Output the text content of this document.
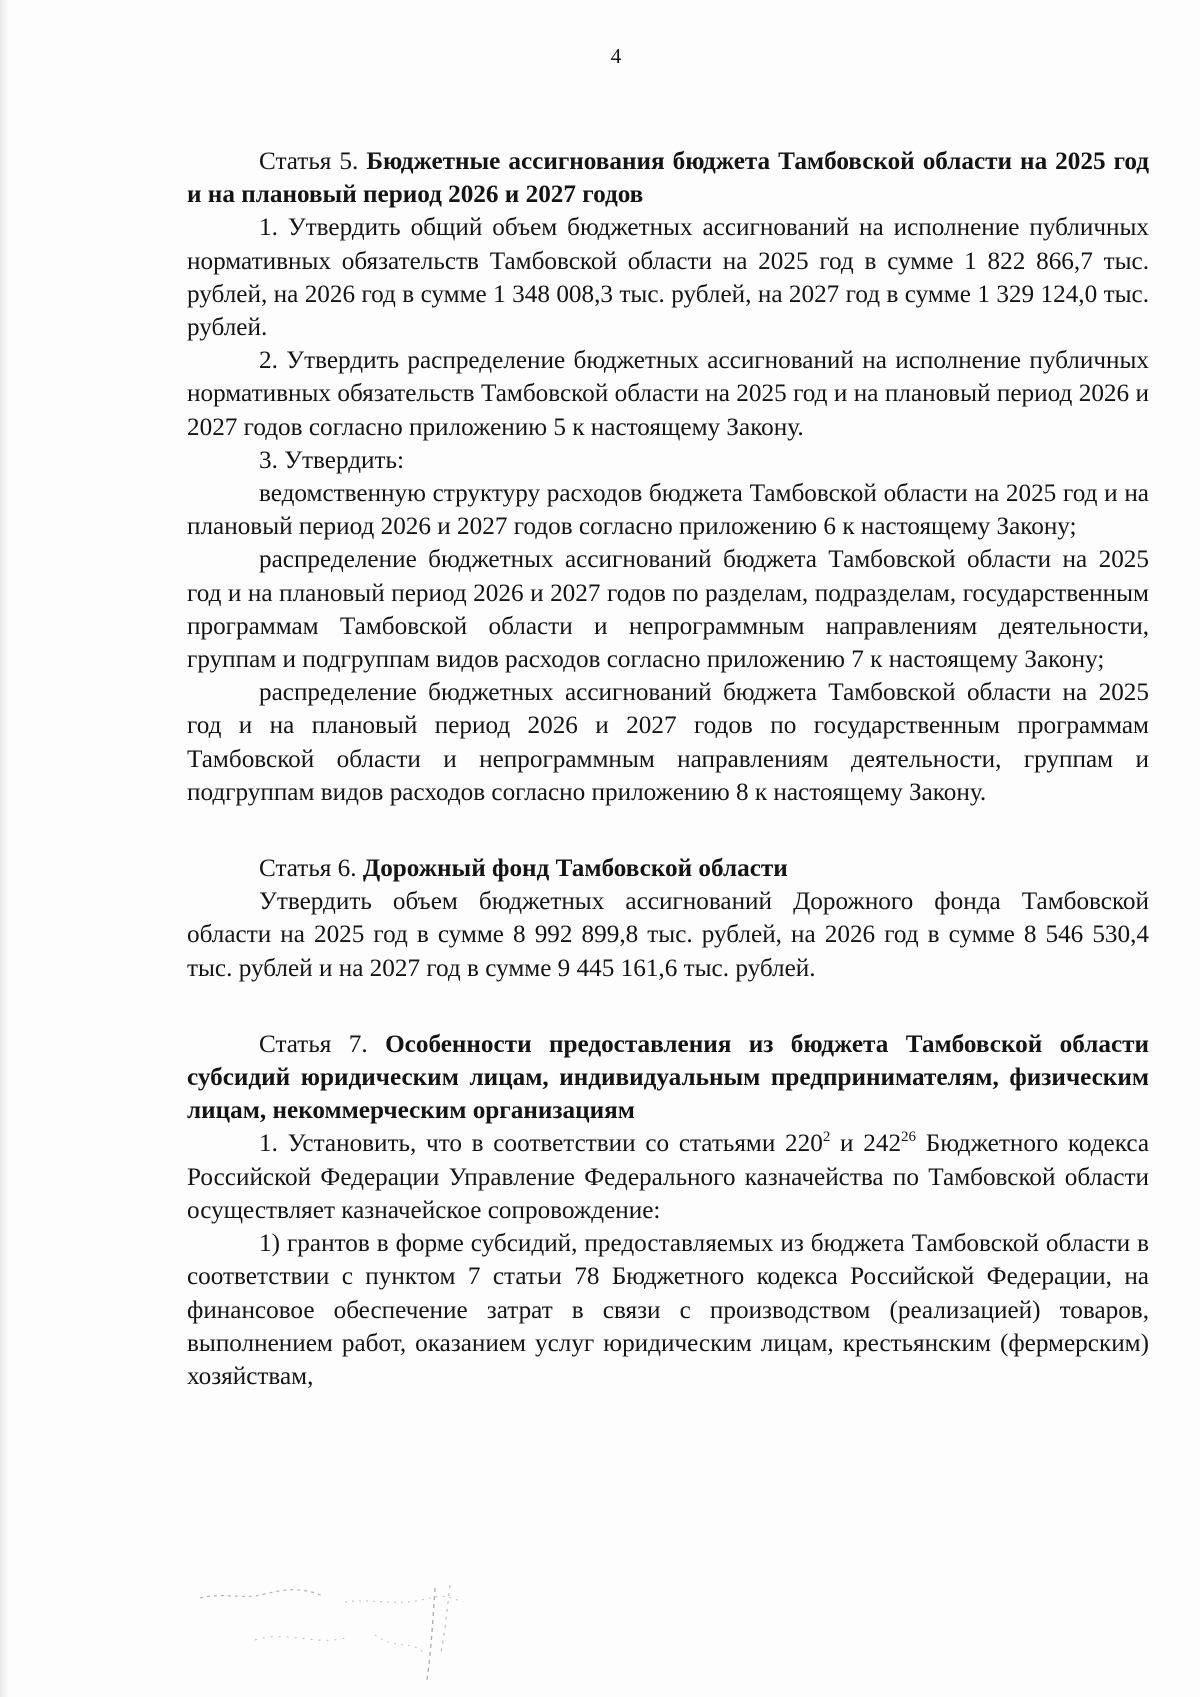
4

Статья 5. Бюджетные ассигнования бюджета Тамбовской области на 2025 год и на плановый период 2026 и 2027 годов

1. Утвердить общий объем бюджетных ассигнований на исполнение публичных нормативных обязательств Тамбовской области на 2025 год в сумме 1 822 866,7 тыс. рублей, на 2026 год в сумме 1 348 008,3 тыс. рублей, на 2027 год в сумме 1 329 124,0 тыс. рублей.

2. Утвердить распределение бюджетных ассигнований на исполнение публичных нормативных обязательств Тамбовской области на 2025 год и на плановый период 2026 и 2027 годов согласно приложению 5 к настоящему Закону.

3. Утвердить:

ведомственную структуру расходов бюджета Тамбовской области на 2025 год и на плановый период 2026 и 2027 годов согласно приложению 6 к настоящему Закону;

распределение бюджетных ассигнований бюджета Тамбовской области на 2025 год и на плановый период 2026 и 2027 годов по разделам, подразделам, государственным программам Тамбовской области и непрограммным направлениям деятельности, группам и подгруппам видов расходов согласно приложению 7 к настоящему Закону;

распределение бюджетных ассигнований бюджета Тамбовской области на 2025 год и на плановый период 2026 и 2027 годов по государственным программам Тамбовской области и непрограммным направлениям деятельности, группам и подгруппам видов расходов согласно приложению 8 к настоящему Закону.

Статья 6. Дорожный фонд Тамбовской области

Утвердить объем бюджетных ассигнований Дорожного фонда Тамбовской области на 2025 год в сумме 8 992 899,8 тыс. рублей, на 2026 год в сумме 8 546 530,4 тыс. рублей и на 2027 год в сумме 9 445 161,6 тыс. рублей.

Статья 7. Особенности предоставления из бюджета Тамбовской области субсидий юридическим лицам, индивидуальным предпринимателям, физическим лицам, некоммерческим организациям

1. Установить, что в соответствии со статьями $220^2$ и $242^{26}$ Бюджетного кодекса Российской Федерации Управление Федерального казначейства по Тамбовской области осуществляет казначейское сопровождение:

1) грантов в форме субсидий, предоставляемых из бюджета Тамбовской области в соответствии с пунктом 7 статьи 78 Бюджетного кодекса Российской Федерации, на финансовое обеспечение затрат в связи с производством (реализацией) товаров, выполнением работ, оказанием услуг юридическим лицам, крестьянским (фермерским) хозяйствам,
